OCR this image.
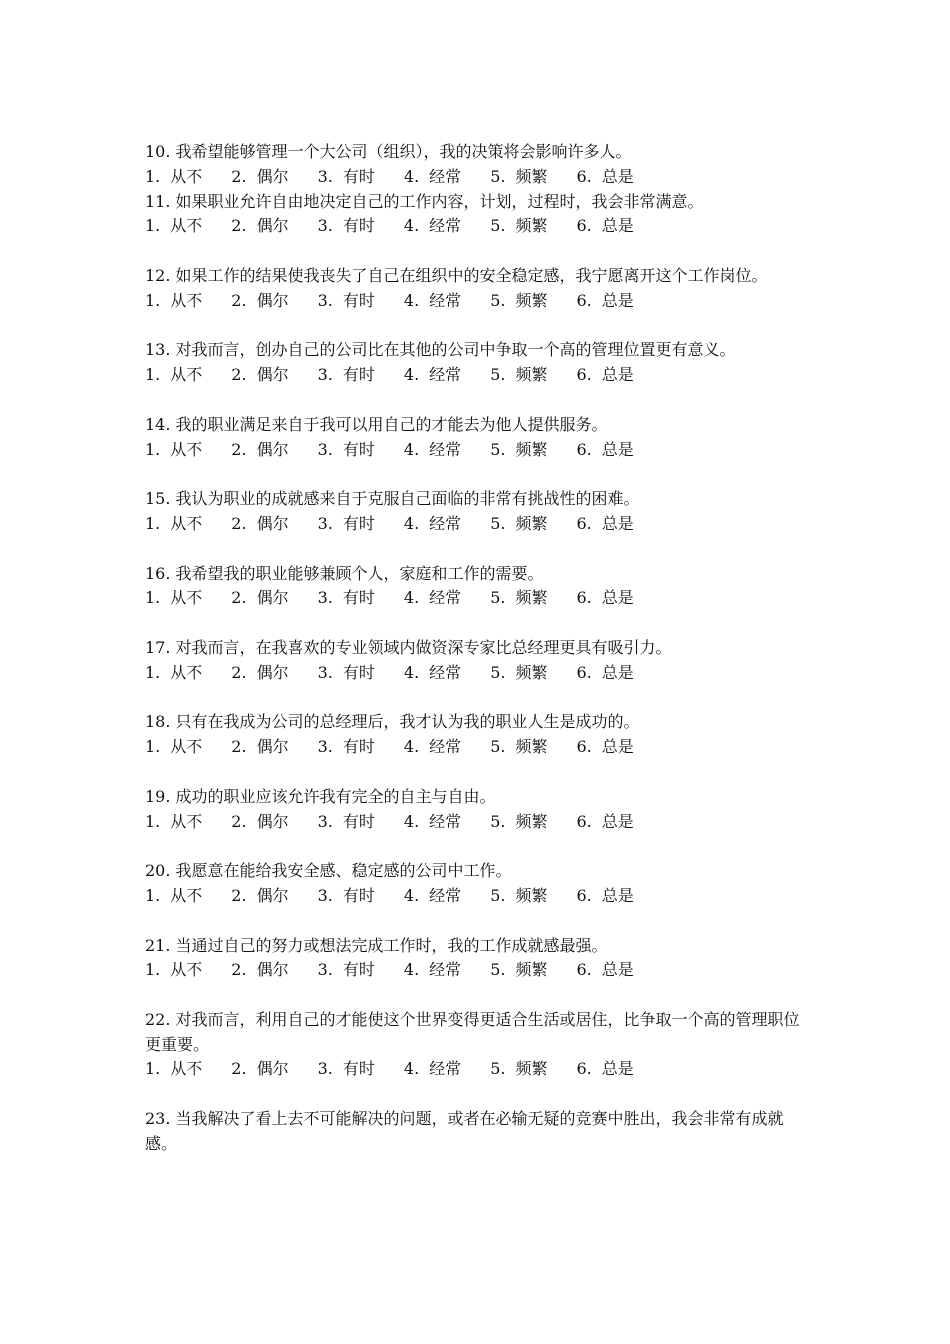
10. 我希望能够管理一个大公司（组织），我的决策将会影响许多人。

1. 从不	2. 偶尔	3. 有时	4. 经常	5. 频繁	6. 总是

11. 如果职业允许自由地决定自己的工作内容，计划，过程时，我会非常满意。

1. 从不	2. 偶尔	3. 有时	4. 经常	5. 频繁	6. 总是

12. 如果工作的结果使我丧失了自己在组织中的安全稳定感，我宁愿离开这个工作岗位。

1. 从不	2. 偶尔	3. 有时	4. 经常	5. 频繁	6. 总是

13. 对我而言，创办自己的公司比在其他的公司中争取一个高的管理位置更有意义。

1. 从不	2. 偶尔	3. 有时	4. 经常	5. 频繁	6. 总是

14. 我的职业满足来自于我可以用自己的才能去为他人提供服务。

1. 从不	2. 偶尔	3. 有时	4. 经常	5. 频繁	6. 总是

15. 我认为职业的成就感来自于克服自己面临的非常有挑战性的困难。

1. 从不	2. 偶尔	3. 有时	4. 经常	5. 频繁	6. 总是

16. 我希望我的职业能够兼顾个人，家庭和工作的需要。

1. 从不	2. 偶尔	3. 有时	4. 经常	5. 频繁	6. 总是

17. 对我而言，在我喜欢的专业领域内做资深专家比总经理更具有吸引力。

1. 从不	2. 偶尔	3. 有时	4. 经常	5. 频繁	6. 总是

18. 只有在我成为公司的总经理后，我才认为我的职业人生是成功的。

1. 从不	2. 偶尔	3. 有时	4. 经常	5. 频繁	6. 总是

19. 成功的职业应该允许我有完全的自主与自由。

1. 从不	2. 偶尔	3. 有时	4. 经常	5. 频繁	6. 总是

20. 我愿意在能给我安全感、稳定感的公司中工作。

1. 从不	2. 偶尔	3. 有时	4. 经常	5. 频繁	6. 总是

21. 当通过自己的努力或想法完成工作时，我的工作成就感最强。

1. 从不	2. 偶尔	3. 有时	4. 经常	5. 频繁	6. 总是

22. 对我而言，利用自己的才能使这个世界变得更适合生活或居住，比争取一个高的管理职位更重要。

1. 从不	2. 偶尔	3. 有时	4. 经常	5. 频繁	6. 总是

23. 当我解决了看上去不可能解决的问题，或者在必输无疑的竞赛中胜出，我会非常有成就感。
